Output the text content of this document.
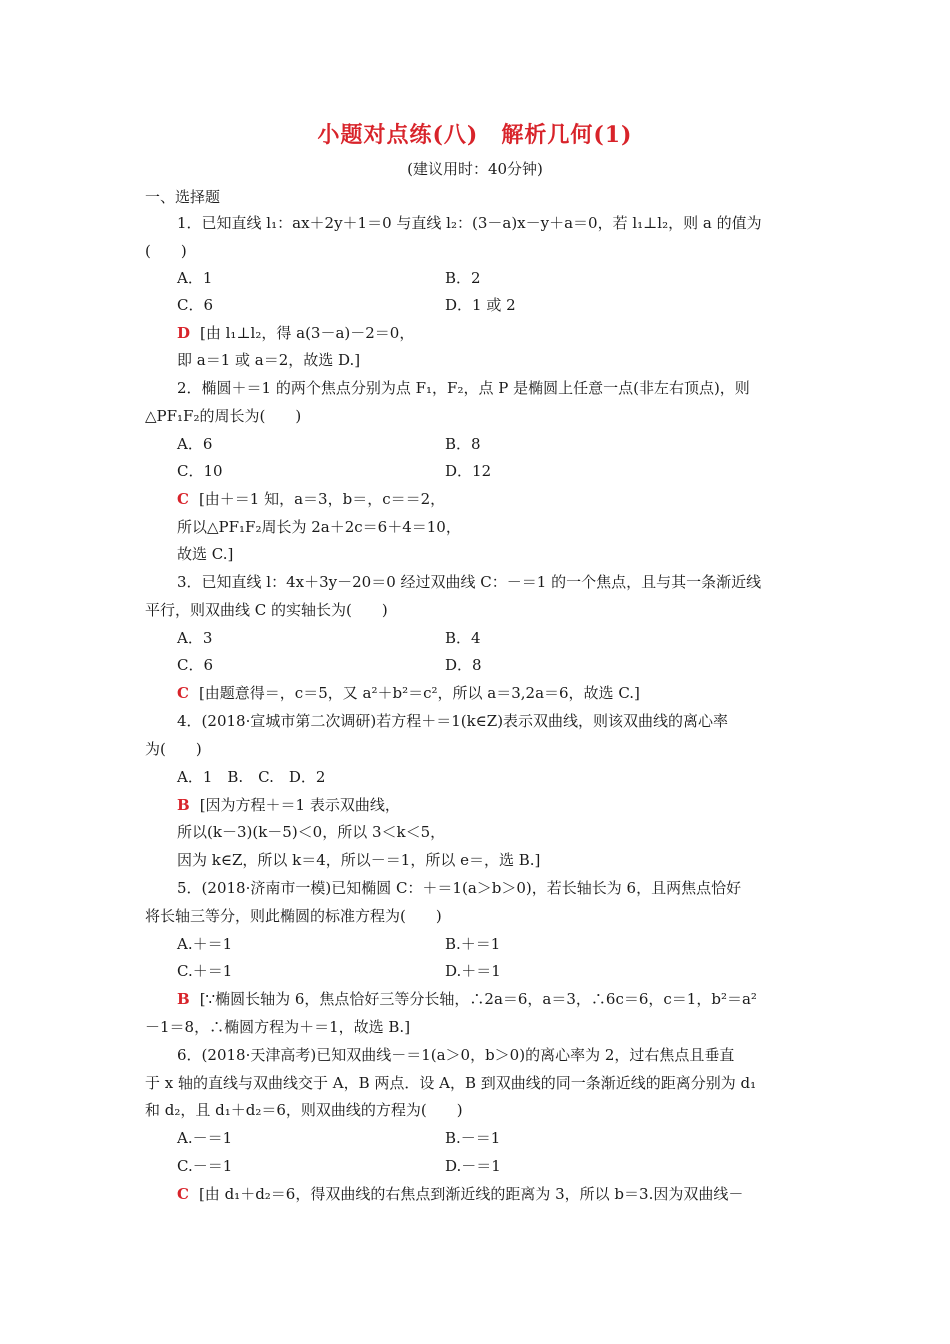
小题对点练(八)　解析几何(1)
(建议用时：40分钟)
一、选择题
1．已知直线 l₁：ax＋2y＋1＝0 与直线 l₂：(3－a)x－y＋a＝0，若 l₁⊥l₂，则 a 的值为
(　　)
A．1	B．2
C．6	D．1 或 2
D [由 l₁⊥l₂，得 a(3－a)－2＝0，
即 a＝1 或 a＝2，故选 D.]
2．椭圆＋＝1 的两个焦点分别为点 F₁，F₂，点 P 是椭圆上任意一点(非左右顶点)，则
△PF₁F₂的周长为(　　)
A．6	B．8
C．10	D．12
C [由＋＝1 知，a＝3，b＝，c＝＝2，
所以△PF₁F₂周长为 2a＋2c＝6＋4＝10，
故选 C.]
3．已知直线 l：4x＋3y－20＝0 经过双曲线 C：－＝1 的一个焦点，且与其一条渐近线
平行，则双曲线 C 的实轴长为(　　)
A．3	B．4
C．6	D．8
C [由题意得＝，c＝5，又 a²＋b²＝c²，所以 a＝3,2a＝6，故选 C.]
4．(2018·宣城市第二次调研)若方程＋＝1(k∈Z)表示双曲线，则该双曲线的离心率
为(　　)
A．1　B.　C.　D．2
B [因为方程＋＝1 表示双曲线，
所以(k－3)(k－5)＜0，所以 3＜k＜5，
因为 k∈Z，所以 k＝4，所以－＝1，所以 e＝，选 B.]
5．(2018·济南市一模)已知椭圆 C：＋＝1(a＞b＞0)，若长轴长为 6，且两焦点恰好
将长轴三等分，则此椭圆的标准方程为(　　)
A.＋＝1	B.＋＝1
C.＋＝1	D.＋＝1
B [∵椭圆长轴为 6，焦点恰好三等分长轴，∴2a＝6，a＝3，∴6c＝6，c＝1，b²＝a²
－1＝8，∴椭圆方程为＋＝1，故选 B.]
6．(2018·天津高考)已知双曲线－＝1(a＞0，b＞0)的离心率为 2，过右焦点且垂直
于 x 轴的直线与双曲线交于 A，B 两点．设 A，B 到双曲线的同一条渐近线的距离分别为 d₁
和 d₂，且 d₁＋d₂＝6，则双曲线的方程为(　　)
A.－＝1	B.－＝1
C.－＝1	D.－＝1
C [由 d₁＋d₂＝6，得双曲线的右焦点到渐近线的距离为 3，所以 b＝3.因为双曲线－
